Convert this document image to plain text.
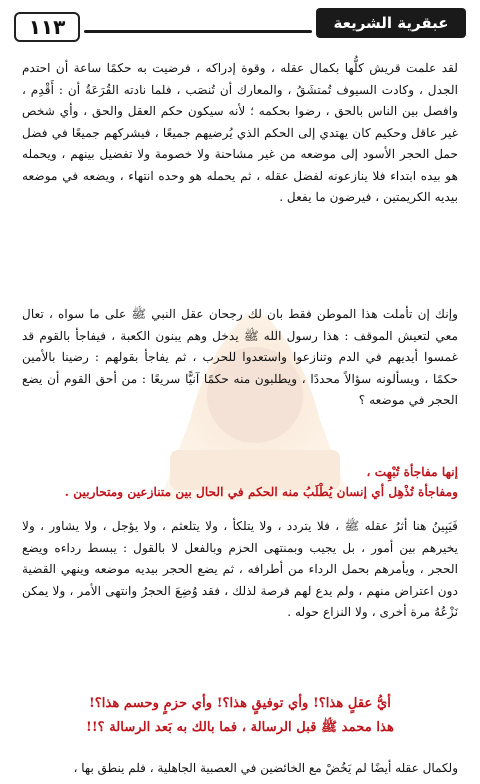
١١٣	عبقرية الشريعة

لقد علمت قريش كلُّها بكمال عقله ، وقوة إدراكه ، فرضيت به حكمًا ساعة أن احتدم الجدل ، وكادت السيوف تُمتشَقُ ، والمعارك أن تُنصَب ، فلما نادته القُرَعَةُ أن : أَقْدِم ، وافصل بين الناس بالحق ، رضوا بحكمه ؛ لأنه سيكون حكم العقل والحق ، وأي شخص غير عاقل وحكيم كان يهتدي إلى الحكم الذي يُرضيهم جميعًا ، فيشركهم جميعًا في فضل حمل الحجر الأسود إلى موضعه من غير مشاحنة ولا خصومة ولا تفضيل بينهم ، ويحمله هو بيده ابتداء فلا ينازعونه لفضل عقله ، ثم يحمله هو وحده انتهاء ، ويضعه في موضعه بيديه الكريمتين ، فيرضون ما يفعل .

وإنك إن تأملت هذا الموطن فقط بان لك رجحان عقل النبي ﷺ على ما سواه ، تعال معي لتعيش الموقف : هذا رسول الله ﷺ يدخل وهم يبنون الكعبة ، فيفاجأ بالقوم قد غمسوا أيديهم في الدم وتنازعوا واستعدوا للحرب ، ثم يفاجأ بقولهم : رضينا بالأمين حكمًا ، ويسألونه سؤالاً محددًا ، ويطلبون منه حكمًا آنيًّا سريعًا : من أحق القوم أن يضع الحجر في موضعه ؟

إنها مفاجأة تُبْهِت ،

ومفاجأة تُذْهِل أي إنسان يُطْلَبُ منه الحكم في الحال بين متنازعين ومتحاربين .

فَيَبِينُ هنا أثرُ عقله ﷺ ، فلا يتردد ، ولا يتلكأ ، ولا يتلعثم ، ولا يؤجل ، ولا يشاور ، ولا يخيرهم بين أمور ، بل يجيب وبمنتهى الحزم وبالفعل لا بالقول : يبسط رداءه ويضع الحجر ، ويأمرهم بحمل الرداء من أطرافه ، ثم يضع الحجر بيديه موضعه وينهي القضية دون اعتراض منهم ، ولم يدع لهم فرصة لذلك ، فقد وُضِعَ الحجرُ وانتهى الأمر ، ولا يمكن نَزْعُهُ مرة أخرى ، ولا النزاع حوله .

أيُّ عقلٍ هذا؟! وأي توفيقٍ هذا؟! وأي حزمٍ وحسم هذا؟!

هذا محمد ﷺ قبل الرسالة ، فما بالك به بَعد الرسالة ؟!!

ولكمال عقله أيضًا لم يَخُضْ مع الخائضين في العصبية الجاهلية ، فلم ينطق بها ،
